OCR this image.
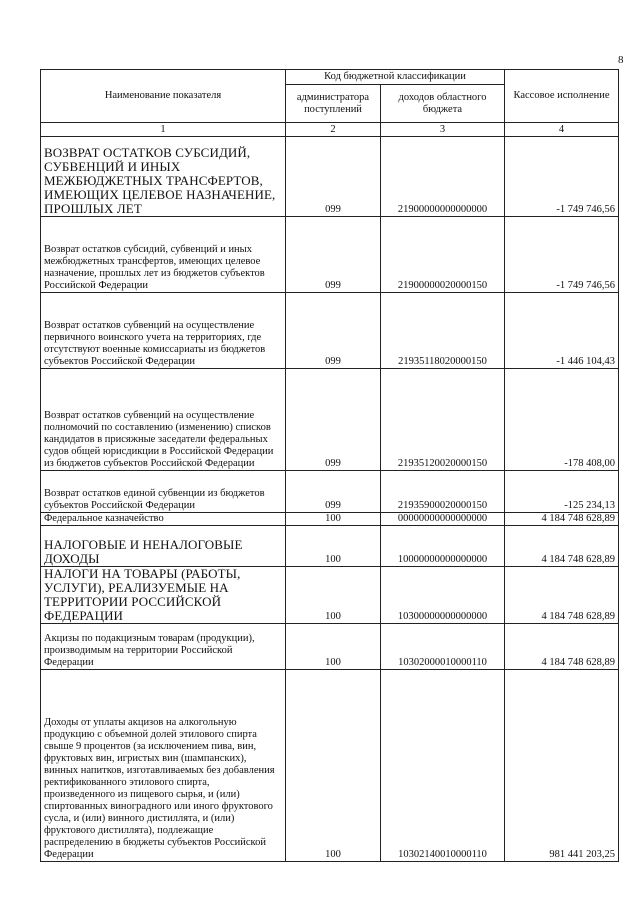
8
Наименование показателя	Код бюджетной классификации		Кассовое исполнение
	администратора поступлений	доходов областного бюджета	
1	2	3	4
ВОЗВРАТ ОСТАТКОВ СУБСИДИЙ, СУБВЕНЦИЙ И ИНЫХ МЕЖБЮДЖЕТНЫХ ТРАНСФЕРТОВ, ИМЕЮЩИХ ЦЕЛЕВОЕ НАЗНАЧЕНИЕ, ПРОШЛЫХ ЛЕТ	099	21900000000000000	-1 749 746,56
Возврат остатков субсидий, субвенций и иных межбюджетных трансфертов, имеющих целевое назначение, прошлых лет из бюджетов субъектов Российской Федерации	099	21900000020000150	-1 749 746,56
Возврат остатков субвенций на осуществление первичного воинского учета на территориях, где отсутствуют военные комиссариаты из бюджетов субъектов Российской Федерации	099	21935118020000150	-1 446 104,43
Возврат остатков субвенций на осуществление полномочий по составлению (изменению) списков кандидатов в присяжные заседатели федеральных судов общей юрисдикции в Российской Федерации из бюджетов субъектов Российской Федерации	099	21935120020000150	-178 408,00
Возврат остатков единой субвенции из бюджетов субъектов Российской Федерации	099	21935900020000150	-125 234,13
Федеральное казначейство	100	00000000000000000	4 184 748 628,89
НАЛОГОВЫЕ И НЕНАЛОГОВЫЕ ДОХОДЫ	100	10000000000000000	4 184 748 628,89
НАЛОГИ НА ТОВАРЫ (РАБОТЫ, УСЛУГИ), РЕАЛИЗУЕМЫЕ НА ТЕРРИТОРИИ РОССИЙСКОЙ ФЕДЕРАЦИИ	100	10300000000000000	4 184 748 628,89
Акцизы по подакцизным товарам (продукции), производимым на территории Российской Федерации	100	10302000010000110	4 184 748 628,89
Доходы от уплаты акцизов на алкогольную продукцию с объемной долей этилового спирта свыше 9 процентов (за исключением пива, вин, фруктовых вин, игристых вин (шампанских), винных напитков, изготавливаемых без добавления ректификованного этилового спирта, произведенного из пищевого сырья, и (или) спиртованных виноградного или иного фруктового сусла, и (или) винного дистиллята, и (или) фруктового дистиллята), подлежащие распределению в бюджеты субъектов Российской Федерации	100	10302140010000110	981 441 203,25
